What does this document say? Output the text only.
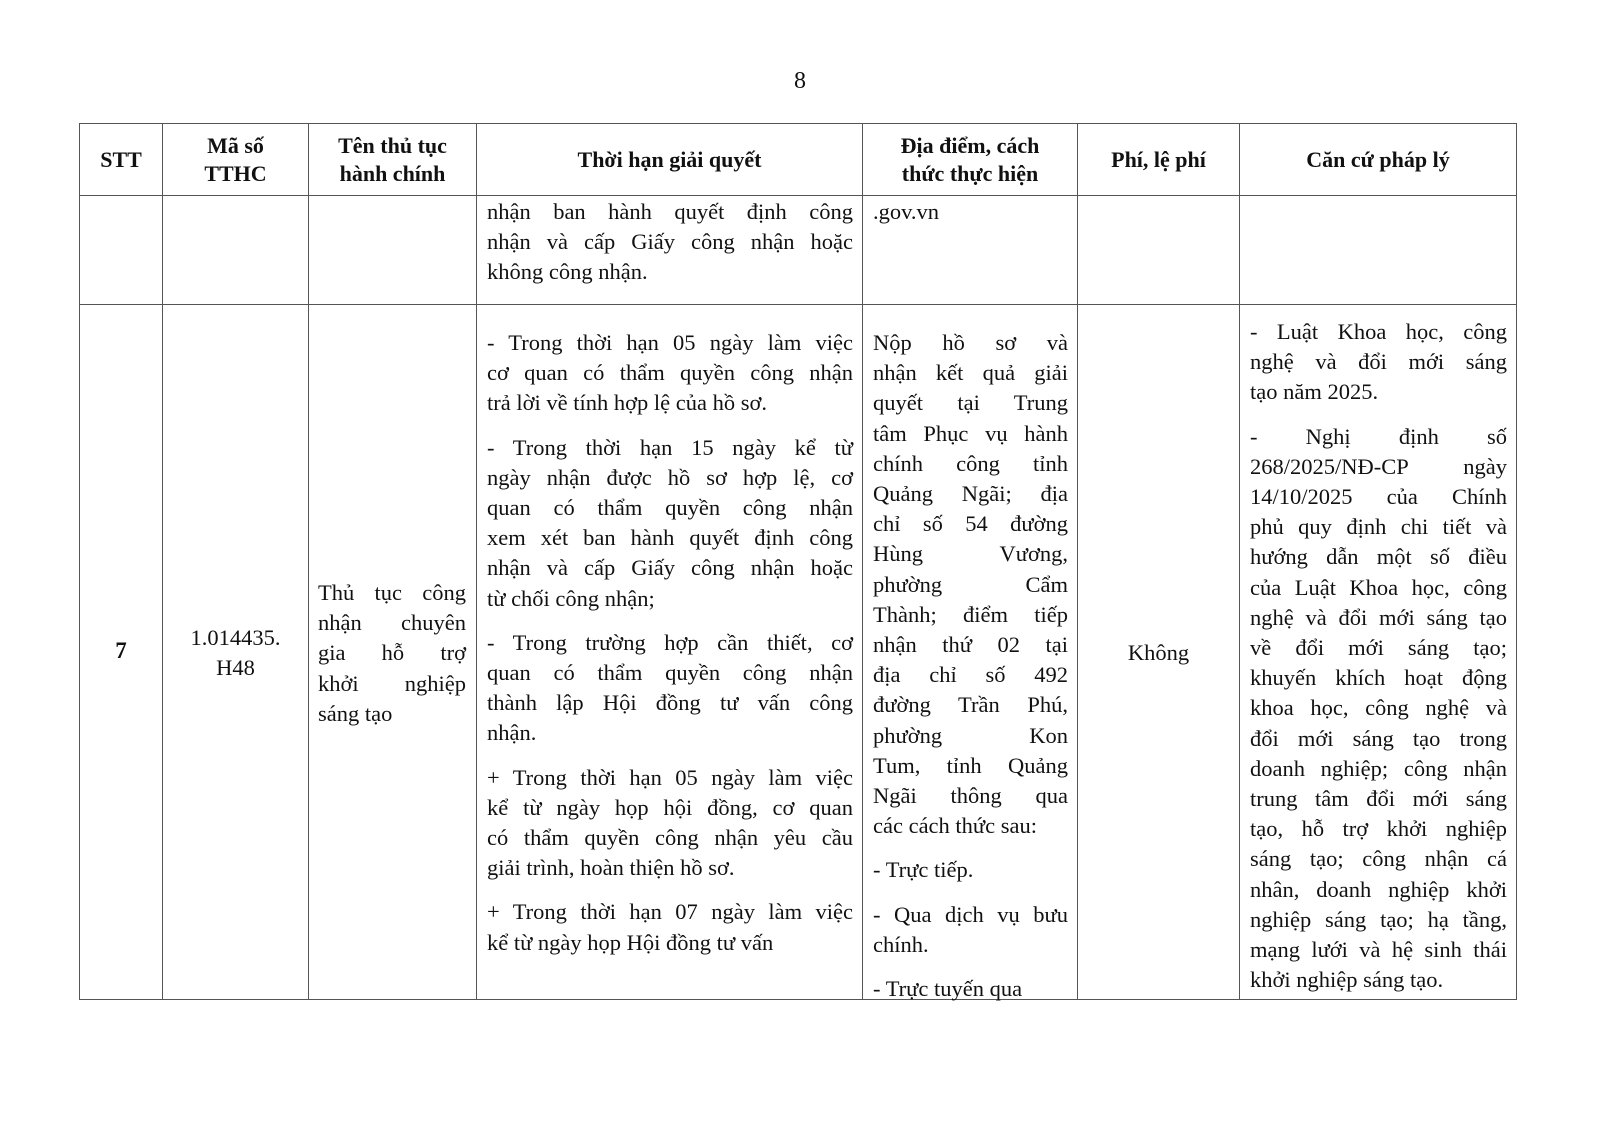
8
STT
Mã số
TTHC
Tên thủ tục
hành chính
Thời hạn giải quyết
Địa điểm, cách
thức thực hiện
Phí, lệ phí	Căn cứ pháp lý
nhận ban hành quyết định công
nhận và cấp Giấy công nhận hoặc
không công nhận.
.gov.vn
7
1.014435.
H48
Thủ tục công
nhận chuyên
gia hỗ trợ
khởi nghiệp
sáng tạo
- Trong thời hạn 05 ngày làm việc
cơ quan có thẩm quyền công nhận
trả lời về tính hợp lệ của hồ sơ.
- Trong thời hạn 15 ngày kể từ
ngày nhận được hồ sơ hợp lệ, cơ
quan có thẩm quyền công nhận
xem xét ban hành quyết định công
nhận và cấp Giấy công nhận hoặc
từ chối công nhận;
- Trong trường hợp cần thiết, cơ
quan có thẩm quyền công nhận
thành lập Hội đồng tư vấn công
nhận.
+ Trong thời hạn 05 ngày làm việc
kể từ ngày họp hội đồng, cơ quan
có thẩm quyền công nhận yêu cầu
giải trình, hoàn thiện hồ sơ.
+ Trong thời hạn 07 ngày làm việc
kể từ ngày họp Hội đồng tư vấn
Nộp hồ sơ và
nhận kết quả giải
quyết tại Trung
tâm Phục vụ hành
chính công tỉnh
Quảng Ngãi; địa
chỉ số 54 đường
Hùng Vương,
phường Cẩm
Thành; điểm tiếp
nhận thứ 02 tại
địa chỉ số 492
đường Trần Phú,
phường Kon
Tum, tỉnh Quảng
Ngãi thông qua
các cách thức sau:
- Trực tiếp.
- Qua dịch vụ bưu
chính.
- Trực tuyến qua
Không
- Luật Khoa học, công
nghệ và đổi mới sáng
tạo năm 2025.
- Nghị định số
268/2025/NĐ-CP ngày
14/10/2025 của Chính
phủ quy định chi tiết và
hướng dẫn một số điều
của Luật Khoa học, công
nghệ và đổi mới sáng tạo
về đổi mới sáng tạo;
khuyến khích hoạt động
khoa học, công nghệ và
đổi mới sáng tạo trong
doanh nghiệp; công nhận
trung tâm đổi mới sáng
tạo, hỗ trợ khởi nghiệp
sáng tạo; công nhận cá
nhân, doanh nghiệp khởi
nghiệp sáng tạo; hạ tầng,
mạng lưới và hệ sinh thái
khởi nghiệp sáng tạo.
